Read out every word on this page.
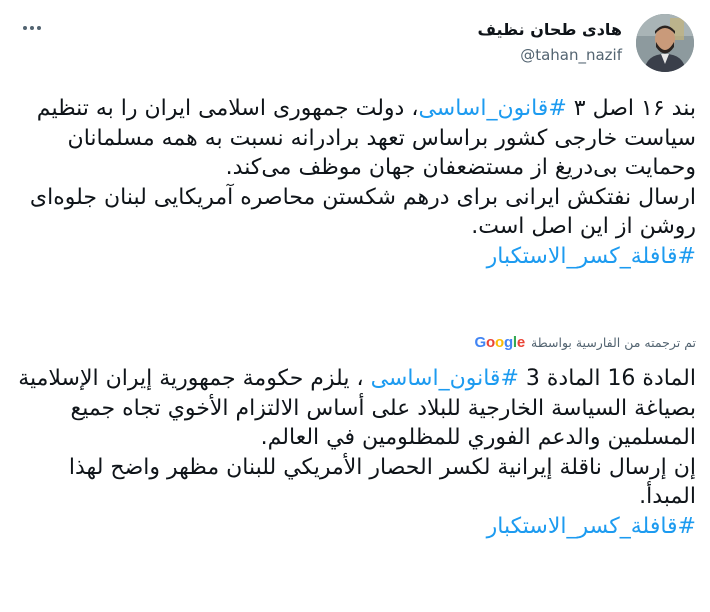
هادی طحان نظیف
@tahan_nazif
بند ۱۶ اصل ۳ #قانون_اساسی، دولت جمهوری اسلامی ایران را به تنظیم سیاست خارجی کشور براساس تعهد برادرانه نسبت به همه مسلمانان وحمایت بی‌دریغ از مستضعفان جهان موظف می‌کند.
ارسال نفتکش ایرانی برای درهم شکستن محاصره آمریکایی لبنان جلوه‌ای روشن از این اصل است.
#قافلة_كسر_الاستكبار
تم ترجمته من الفارسية بواسطة
Google
المادة 16 المادة 3 #قانون_اساسی ، يلزم حكومة جمهورية إيران الإسلامية بصياغة السياسة الخارجية للبلاد على أساس الالتزام الأخوي تجاه جميع المسلمين والدعم الفوري للمظلومين في العالم.
إن إرسال ناقلة إيرانية لكسر الحصار الأمريكي للبنان مظهر واضح لهذا المبدأ.
#قافلة_كسر_الاستكبار
